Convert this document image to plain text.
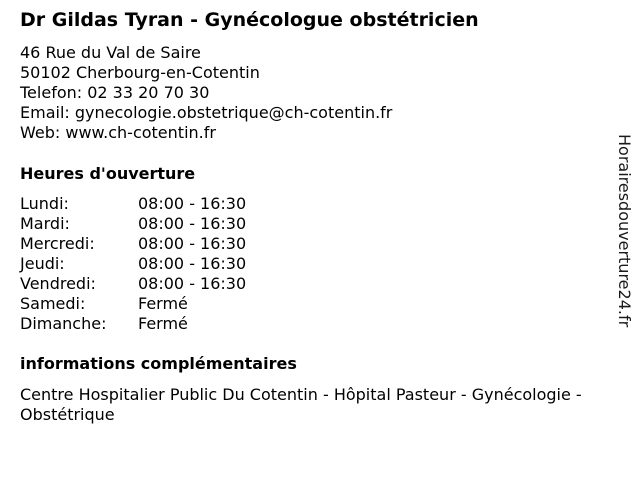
Dr Gildas Tyran - Gynécologue obstétricien
46 Rue du Val de Saire
50102 Cherbourg-en-Cotentin
Telefon: 02 33 20 70 30
Email: gynecologie.obstetrique@ch-cotentin.fr
Web: www.ch-cotentin.fr
Heures d'ouverture
Lundi:	08:00 - 16:30
Mardi:	08:00 - 16:30
Mercredi:	08:00 - 16:30
Jeudi:	08:00 - 16:30
Vendredi:	08:00 - 16:30
Samedi:	Fermé
Dimanche:	Fermé
informations complémentaires
Centre Hospitalier Public Du Cotentin - Hôpital Pasteur - Gynécologie - Obstétrique
Horairesdouverture24.fr
